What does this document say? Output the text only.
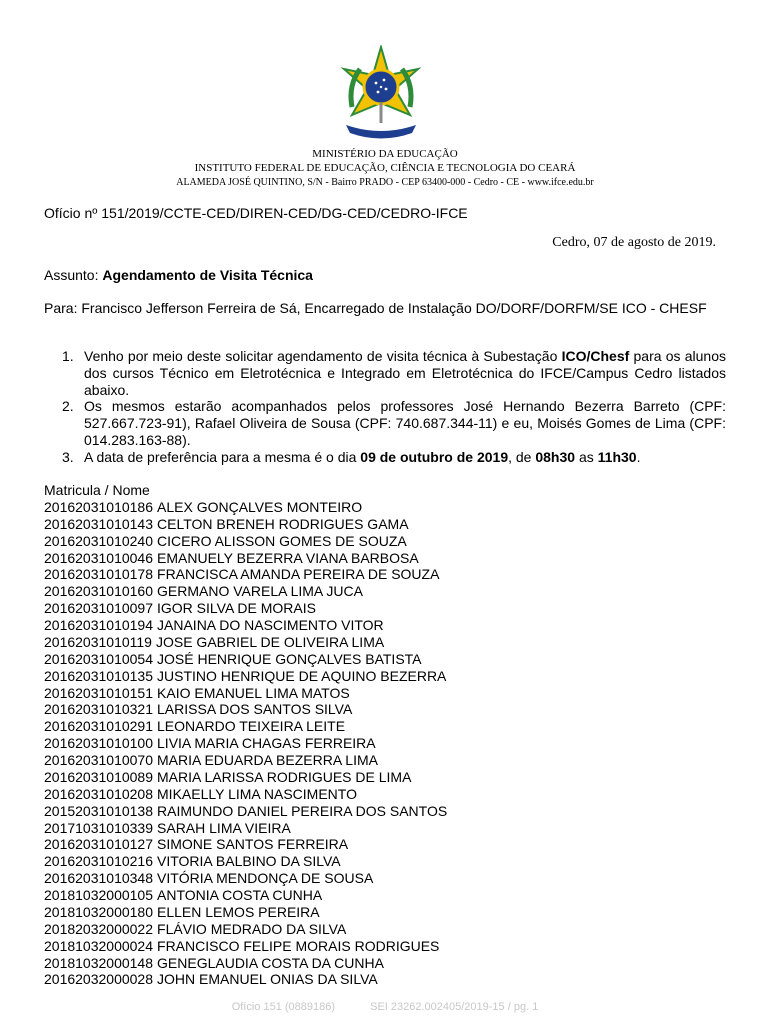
MINISTÉRIO DA EDUCAÇÃO
INSTITUTO FEDERAL DE EDUCAÇÃO, CIÊNCIA E TECNOLOGIA DO CEARÁ
ALAMEDA JOSÉ QUINTINO, S/N - Bairro PRADO - CEP 63400-000 - Cedro - CE - www.ifce.edu.br
Ofício nº 151/2019/CCTE-CED/DIREN-CED/DG-CED/CEDRO-IFCE
Cedro, 07 de agosto de 2019.
Assunto: Agendamento de Visita Técnica
Para: Francisco Jefferson Ferreira de Sá, Encarregado de Instalação DO/DORF/DORFM/SE ICO - CHESF
1. Venho por meio deste solicitar agendamento de visita técnica à Subestação ICO/Chesf para os alunos dos cursos Técnico em Eletrotécnica e Integrado em Eletrotécnica do IFCE/Campus Cedro listados abaixo.
2. Os mesmos estarão acompanhados pelos professores José Hernando Bezerra Barreto (CPF: 527.667.723-91), Rafael Oliveira de Sousa (CPF: 740.687.344-11) e eu, Moisés Gomes de Lima (CPF: 014.283.163-88).
3. A data de preferência para a mesma é o dia 09 de outubro de 2019, de 08h30 as 11h30.
Matricula / Nome
20162031010186 ALEX GONÇALVES MONTEIRO
20162031010143 CELTON BRENEH RODRIGUES GAMA
20162031010240 CICERO ALISSON GOMES DE SOUZA
20162031010046 EMANUELY BEZERRA VIANA BARBOSA
20162031010178 FRANCISCA AMANDA PEREIRA DE SOUZA
20162031010160 GERMANO VARELA LIMA JUCA
20162031010097 IGOR SILVA DE MORAIS
20162031010194 JANAINA DO NASCIMENTO VITOR
20162031010119 JOSE GABRIEL DE OLIVEIRA LIMA
20162031010054 JOSÉ HENRIQUE GONÇALVES BATISTA
20162031010135 JUSTINO HENRIQUE DE AQUINO BEZERRA
20162031010151 KAIO EMANUEL LIMA MATOS
20162031010321 LARISSA DOS SANTOS SILVA
20162031010291 LEONARDO TEIXEIRA LEITE
20162031010100 LIVIA MARIA CHAGAS FERREIRA
20162031010070 MARIA EDUARDA BEZERRA LIMA
20162031010089 MARIA LARISSA RODRIGUES DE LIMA
20162031010208 MIKAELLY LIMA NASCIMENTO
20152031010138 RAIMUNDO DANIEL PEREIRA DOS SANTOS
20171031010339 SARAH LIMA VIEIRA
20162031010127 SIMONE SANTOS FERREIRA
20162031010216 VITORIA BALBINO DA SILVA
20162031010348 VITÓRIA MENDONÇA DE SOUSA
20181032000105 ANTONIA COSTA CUNHA
20181032000180 ELLEN LEMOS PEREIRA
20182032000022 FLÁVIO MEDRADO DA SILVA
20181032000024 FRANCISCO FELIPE MORAIS RODRIGUES
20181032000148 GENEGLAUDIA COSTA DA CUNHA
20162032000028 JOHN EMANUEL ONIAS DA SILVA
Ofício 151 (0889186)	SEI 23262.002405/2019-15 / pg. 1
